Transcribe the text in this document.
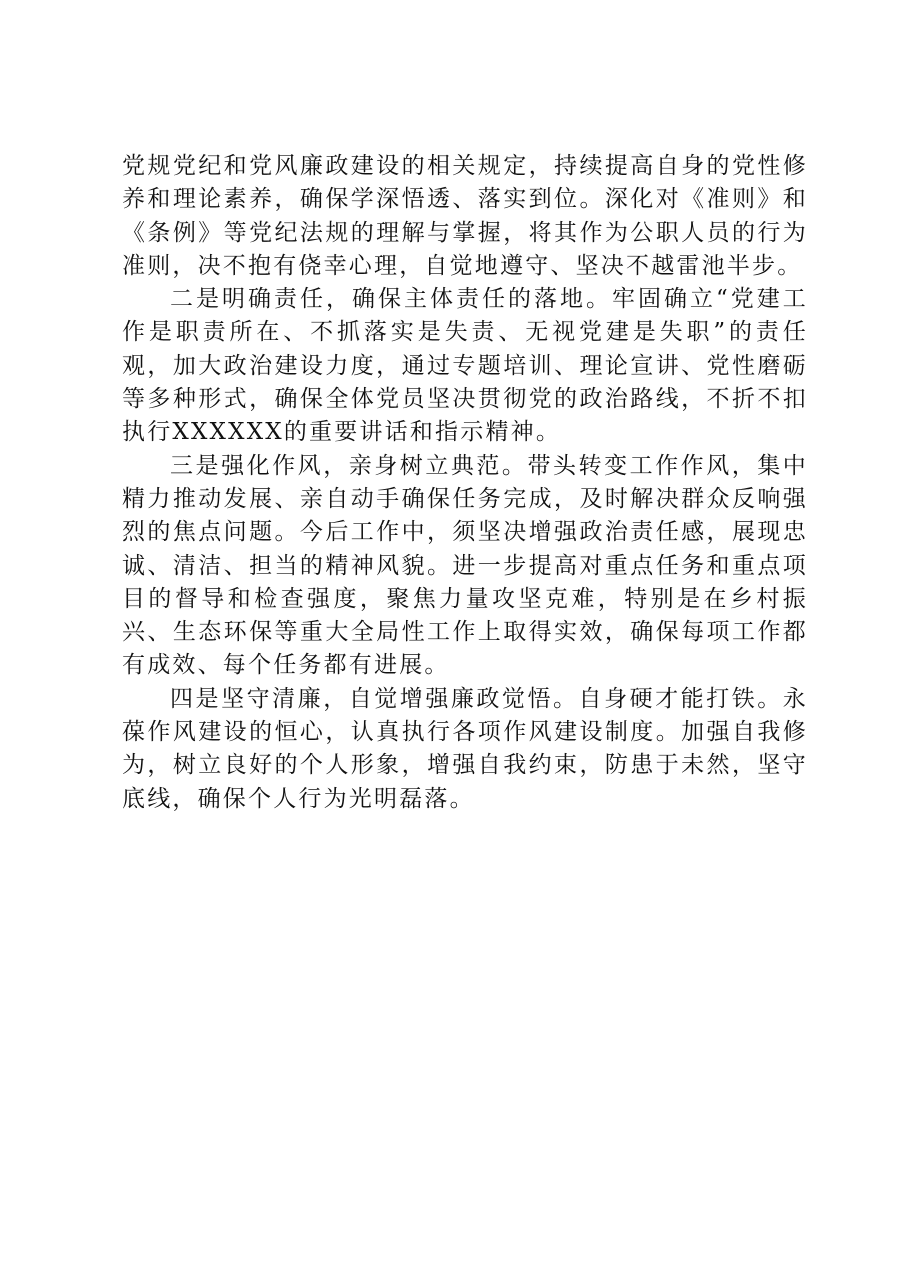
党规党纪和党风廉政建设的相关规定，持续提高自身的党性修养和理论素养，确保学深悟透、落实到位。深化对《准则》和《条例》等党纪法规的理解与掌握，将其作为公职人员的行为准则，决不抱有侥幸心理，自觉地遵守、坚决不越雷池半步。

二是明确责任，确保主体责任的落地。牢固确立“党建工作是职责所在、不抓落实是失责、无视党建是失职”的责任观，加大政治建设力度，通过专题培训、理论宣讲、党性磨砺等多种形式，确保全体党员坚决贯彻党的政治路线，不折不扣执行XXXXXX的重要讲话和指示精神。

三是强化作风，亲身树立典范。带头转变工作作风，集中精力推动发展、亲自动手确保任务完成，及时解决群众反响强烈的焦点问题。今后工作中，须坚决增强政治责任感，展现忠诚、清洁、担当的精神风貌。进一步提高对重点任务和重点项目的督导和检查强度，聚焦力量攻坚克难，特别是在乡村振兴、生态环保等重大全局性工作上取得实效，确保每项工作都有成效、每个任务都有进展。

四是坚守清廉，自觉增强廉政觉悟。自身硬才能打铁。永葆作风建设的恒心，认真执行各项作风建设制度。加强自我修为，树立良好的个人形象，增强自我约束，防患于未然，坚守底线，确保个人行为光明磊落。
